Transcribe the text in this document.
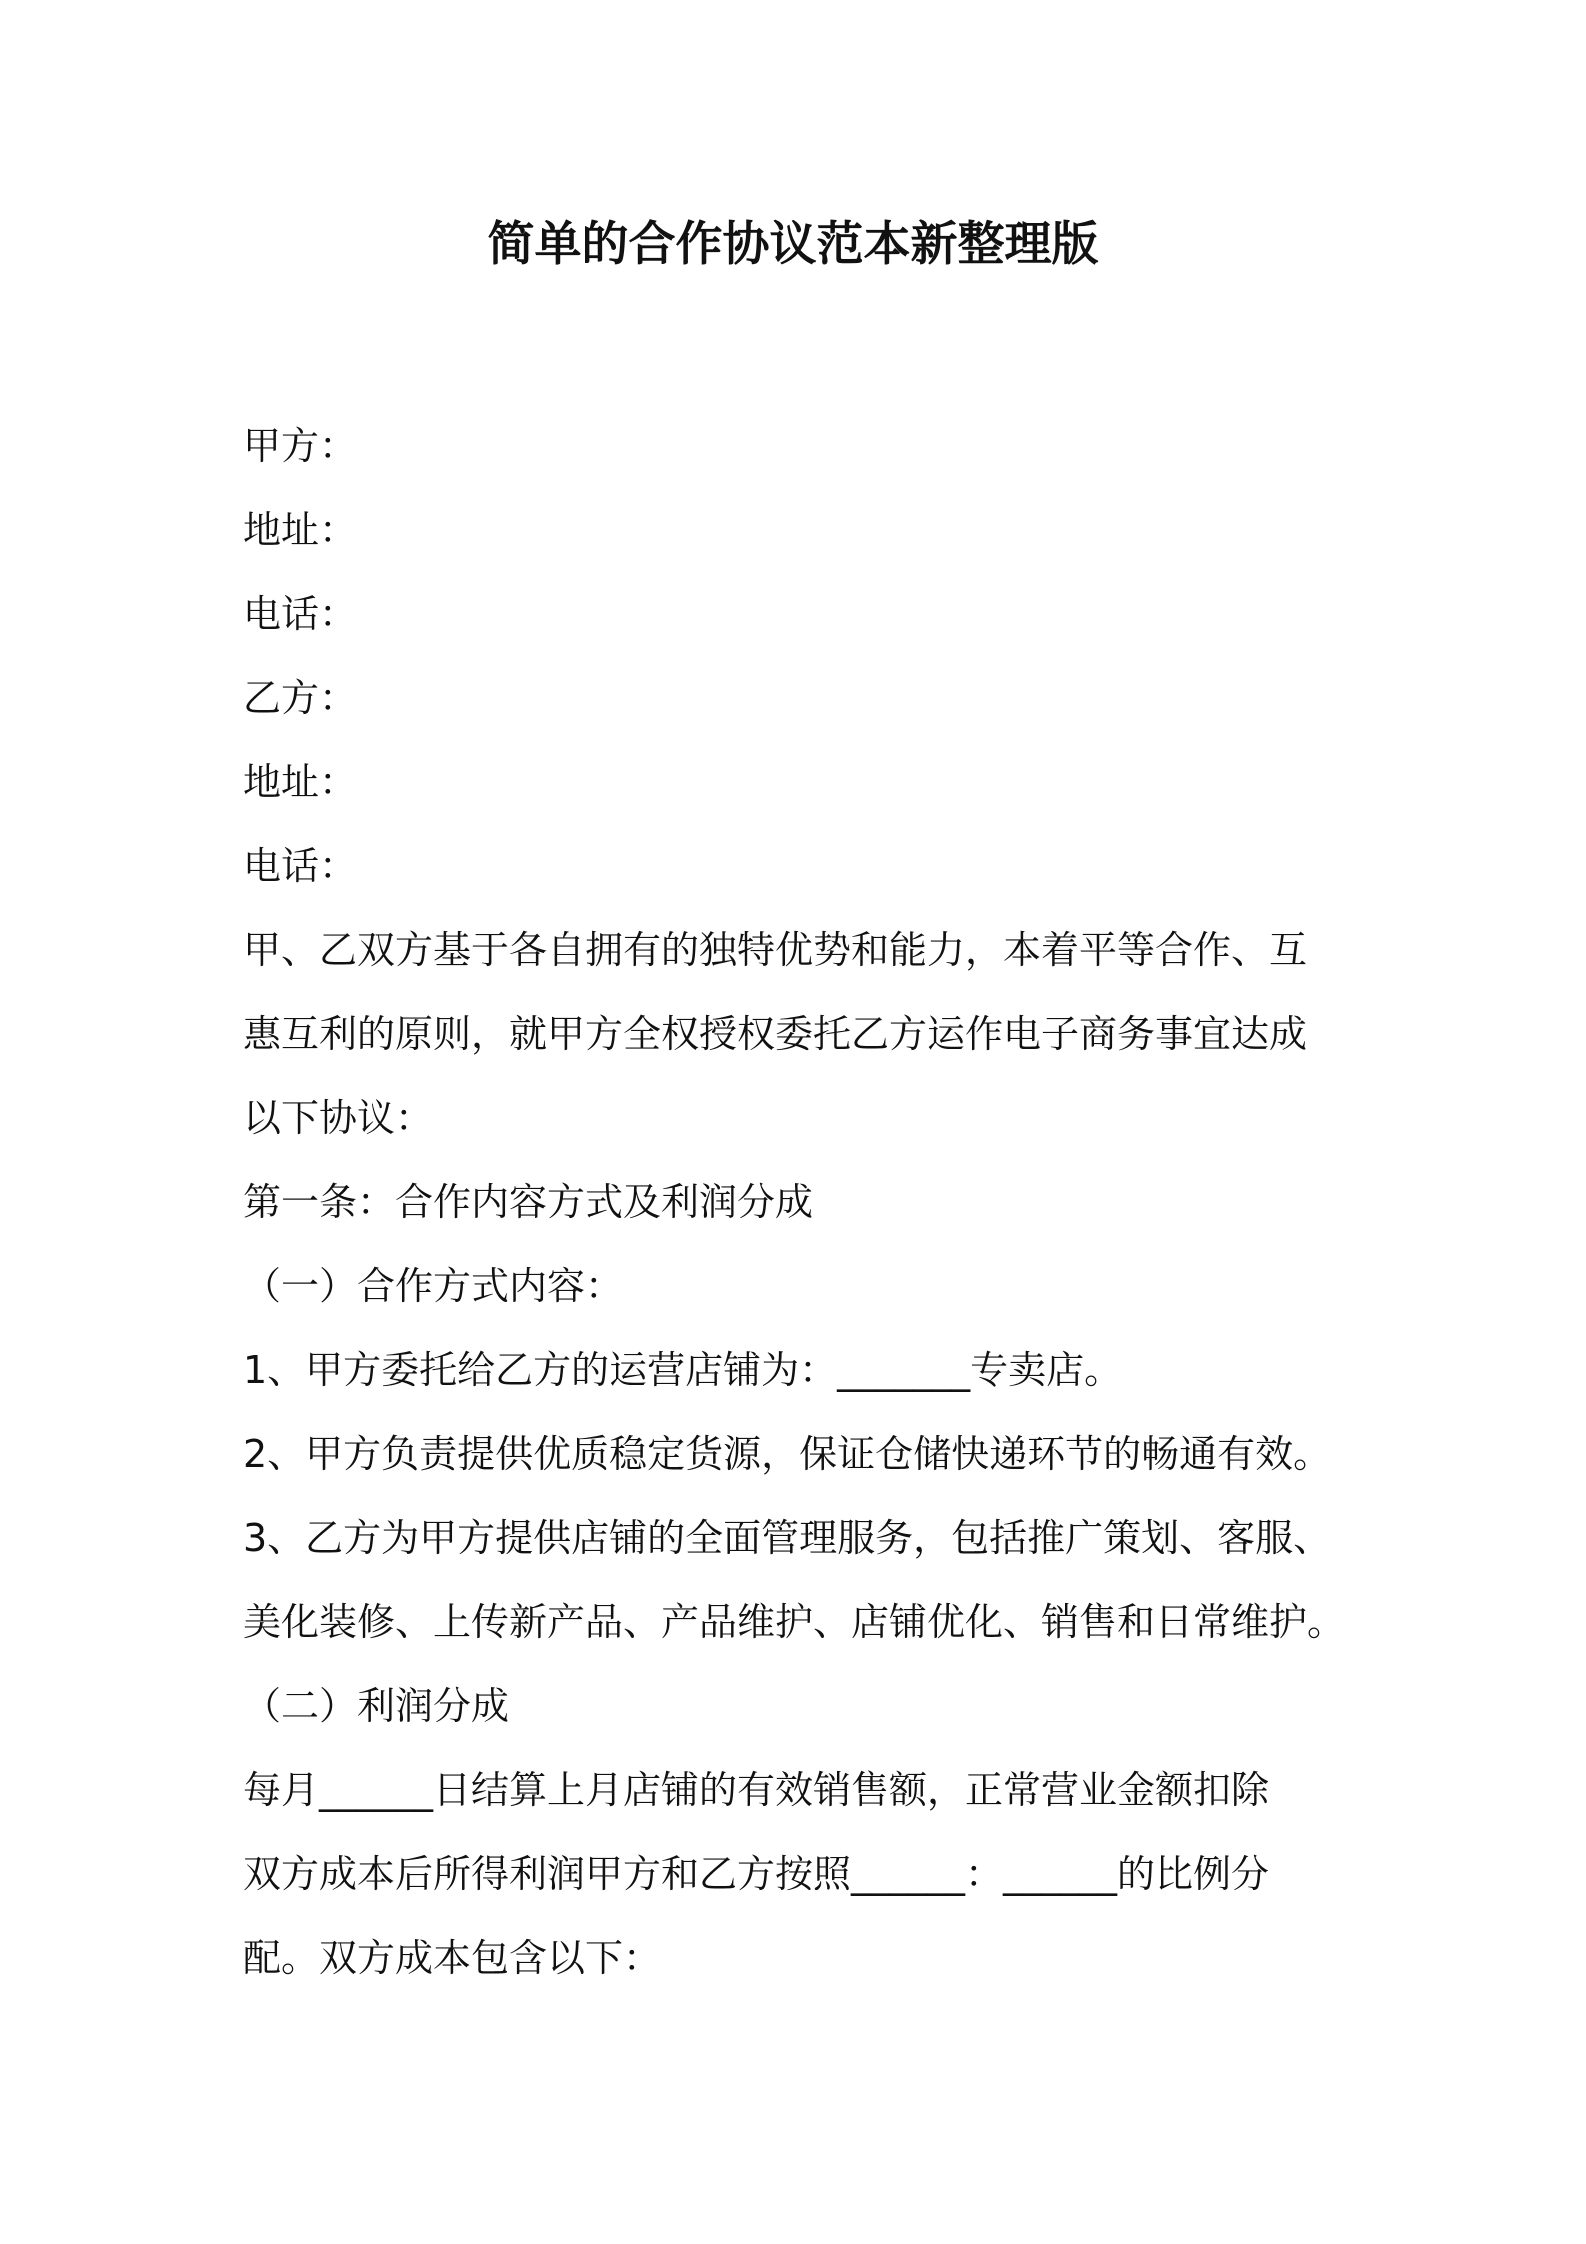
简单的合作协议范本新整理版
甲方：
地址：
电话：
乙方：
地址：
电话：
甲、乙双方基于各自拥有的独特优势和能力，本着平等合作、互
惠互利的原则，就甲方全权授权委托乙方运作电子商务事宜达成
以下协议：
第一条：合作内容方式及利润分成
（一）合作方式内容：
1、甲方委托给乙方的运营店铺为：_______专卖店。
2、甲方负责提供优质稳定货源，保证仓储快递环节的畅通有效。
3、乙方为甲方提供店铺的全面管理服务，包括推广策划、客服、
美化装修、上传新产品、产品维护、店铺优化、销售和日常维护。
（二）利润分成
每月______日结算上月店铺的有效销售额，正常营业金额扣除
双方成本后所得利润甲方和乙方按照______：______的比例分
配。双方成本包含以下：
